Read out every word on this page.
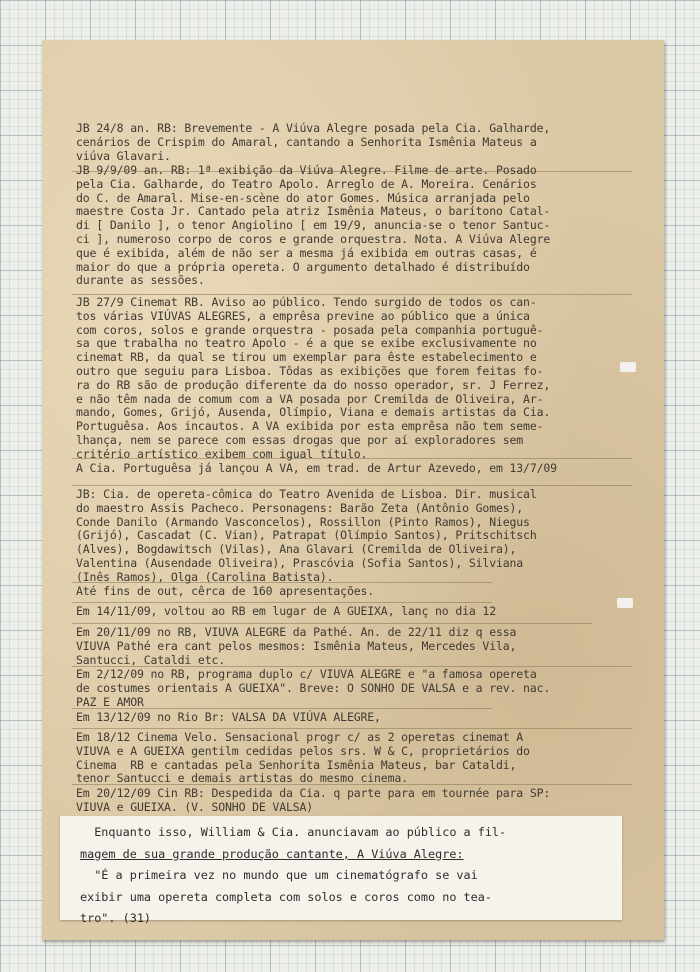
JB 24/8 an. RB: Brevemente - A Viúva Alegre posada pela Cia. Galharde,
cenários de Crispim do Amaral, cantando a Senhorita Ismênia Mateus a
viúva Glavari.
JB 9/9/09 an. RB: 1ª exibição da Viúva Alegre. Filme de arte. Posado
pela Cia. Galharde, do Teatro Apolo. Arreglo de A. Moreira. Cenários
do C. de Amaral. Mise-en-scène do ator Gomes. Música arranjada pelo
maestre Costa Jr. Cantado pela atriz Ismênia Mateus, o barítono Catal-
di [ Danilo ], o tenor Angiolino [ em 19/9, anuncia-se o tenor Santuc-
ci ], numeroso corpo de coros e grande orquestra. Nota. A Viúva Alegre
que é exibida, além de não ser a mesma já exibida em outras casas, é
maior do que a própria opereta. O argumento detalhado é distribuído
durante as sessões.
JB 27/9 Cinemat RB. Aviso ao público. Tendo surgido de todos os can-
tos várias VIÚVAS ALEGRES, a emprêsa previne ao público que a única
com coros, solos e grande orquestra - posada pela companhia portuguê-
sa que trabalha no teatro Apolo - é a que se exibe exclusivamente no
cinemat RB, da qual se tirou um exemplar para êste estabelecimento e
outro que seguiu para Lisboa. Tôdas as exibições que forem feitas fo-
ra do RB são de produção diferente da do nosso operador, sr. J Ferrez,
e não têm nada de comum com a VA posada por Cremilda de Oliveira, Ar-
mando, Gomes, Grijó, Ausenda, Olímpio, Viana e demais artistas da Cia.
Portuguêsa. Aos incautos. A VA exibida por esta emprêsa não tem seme-
lhança, nem se parece com essas drogas que por aí exploradores sem
critério artístico exibem com igual título.
A Cia. Portuguêsa já lançou A VA, em trad. de Artur Azevedo, em 13/7/09
JB: Cia. de opereta-cômica do Teatro Avenida de Lisboa. Dir. musical
do maestro Assis Pacheco. Personagens: Barão Zeta (Antônio Gomes),
Conde Danilo (Armando Vasconcelos), Rossillon (Pinto Ramos), Niegus
(Grijó), Cascadat (C. Vian), Patrapat (Olímpio Santos), Pritschitsch
(Alves), Bogdawitsch (Vilas), Ana Glavari (Cremilda de Oliveira),
Valentina (Ausendade Oliveira), Prascóvia (Sofia Santos), Silviana
(Inês Ramos), Olga (Carolina Batista).
Até fins de out, cêrca de 160 apresentações.
Em 14/11/09, voltou ao RB em lugar de A GUEIXA, lanç no dia 12
Em 20/11/09 no RB, VIUVA ALEGRE da Pathé. An. de 22/11 diz q essa
VIUVA Pathé era cant pelos mesmos: Ismênia Mateus, Mercedes Vila,
Santucci, Cataldi etc.
Em 2/12/09 no RB, programa duplo c/ VIUVA ALEGRE e "a famosa opereta
de costumes orientais A GUEIXA". Breve: O SONHO DE VALSA e a rev. nac.
PAZ E AMOR
Em 13/12/09 no Rio Br: VALSA DA VIÚVA ALEGRE,
Em 18/12 Cinema Velo. Sensacional progr c/ as 2 operetas cinemat A
VIUVA e A GUEIXA gentilm cedidas pelos srs. W & C, proprietários do
Cinema  RB e cantadas pela Senhorita Ismênia Mateus, bar Cataldi,
tenor Santucci e demais artistas do mesmo cinema.
Em 20/12/09 Cin RB: Despedida da Cia. q parte para em tournée para SP:
VIUVA e GUEIXA. (V. SONHO DE VALSA)
Enquanto isso, William & Cia. anunciavam ao público a fil-
magem de sua grande produção cantante, A Viúva Alegre:
"É a primeira vez no mundo que um cinematógrafo se vai
exibir uma opereta completa com solos e coros como no tea-
tro". (31)
